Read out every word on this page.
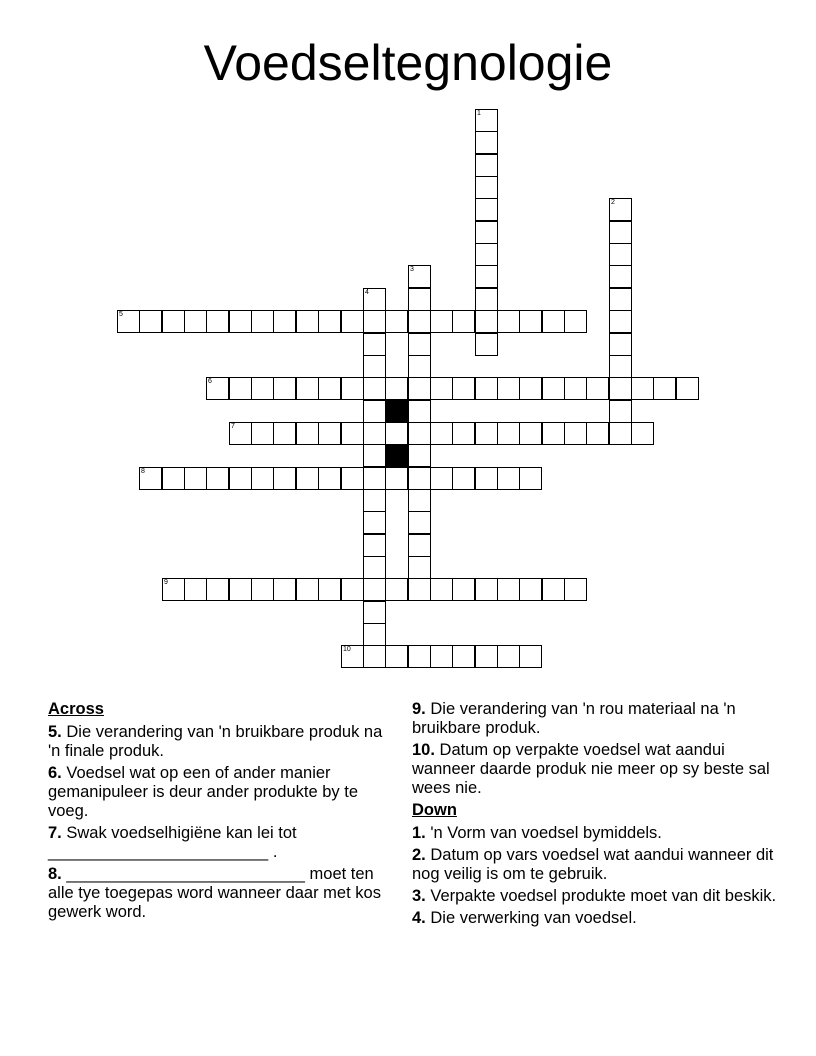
Voedseltegnologie
5
6
7
8
9
10
1
2
3
4
Across
5. Die verandering van 'n bruikbare produk na 'n finale produk.
6. Voedsel wat op een of ander manier gemanipuleer is deur ander produkte by te voeg.
7. Swak voedselhigiëne kan lei tot ________________________ .
8. __________________________ moet ten alle tye toegepas word wanneer daar met kos gewerk word.
9. Die verandering van 'n rou materiaal na 'n bruikbare produk.
10. Datum op verpakte voedsel wat aandui wanneer daarde produk nie meer op sy beste sal wees nie.
Down
1. 'n Vorm van voedsel bymiddels.
2. Datum op vars voedsel wat aandui wanneer dit nog veilig is om te gebruik.
3. Verpakte voedsel produkte moet van dit beskik.
4. Die verwerking van voedsel.
